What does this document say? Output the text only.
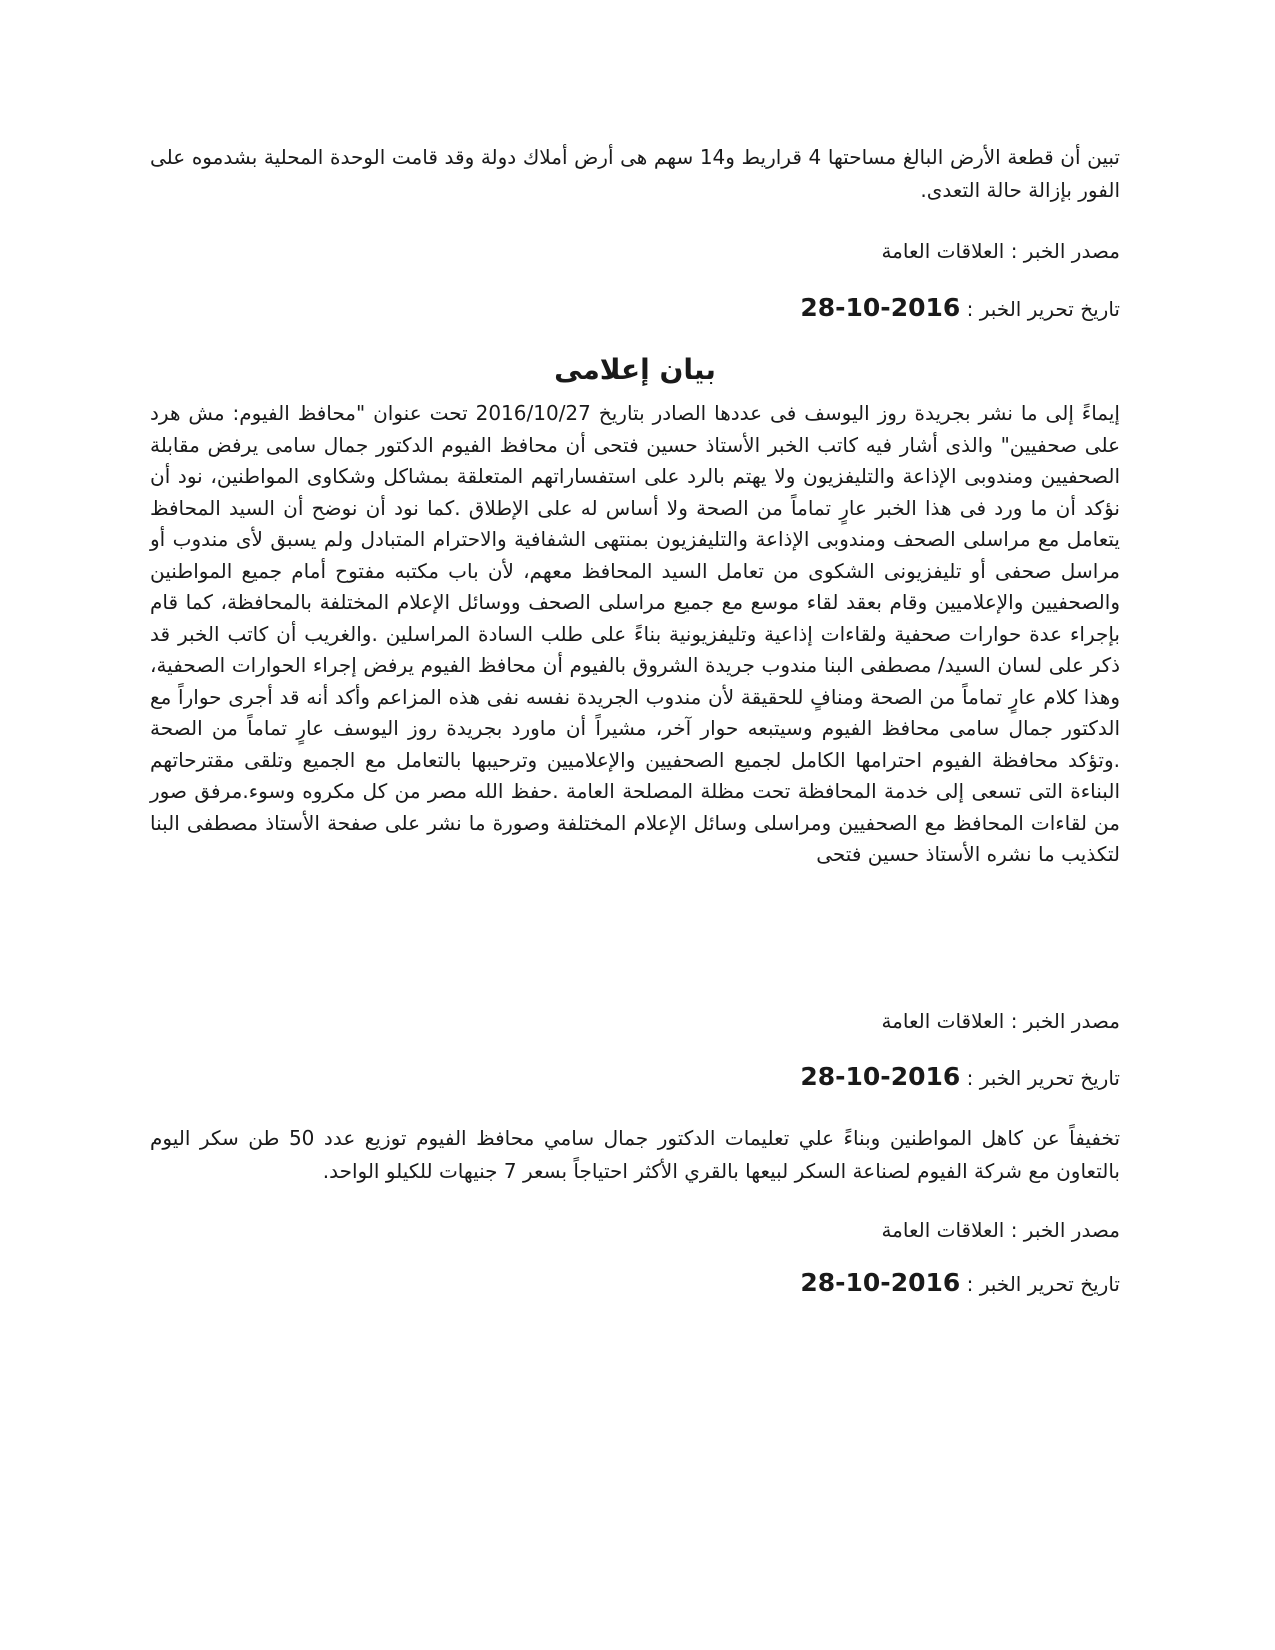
تبين أن قطعة الأرض البالغ مساحتها 4 قراريط و14 سهم هى أرض أملاك دولة وقد قامت الوحدة المحلية بشدموه على الفور بإزالة حالة التعدى.
مصدر الخبر : العلاقات العامة
تاريخ تحرير الخبر : 2016-10-28
بيان إعلامى
إيماءً إلى ما نشر بجريدة روز اليوسف فى عددها الصادر بتاريخ 2016/10/27 تحت عنوان "محافظ الفيوم: مش هرد على صحفيين" والذى أشار فيه كاتب الخبر الأستاذ حسين فتحى أن محافظ الفيوم الدكتور جمال سامى يرفض مقابلة الصحفيين ومندوبى الإذاعة والتليفزيون ولا يهتم بالرد على استفساراتهم المتعلقة بمشاكل وشكاوى المواطنين، نود أن نؤكد أن ما ورد فى هذا الخبر عارٍ تماماً من الصحة ولا أساس له على الإطلاق .كما نود أن نوضح أن السيد المحافظ يتعامل مع مراسلى الصحف ومندوبى الإذاعة والتليفزيون بمنتهى الشفافية والاحترام المتبادل ولم يسبق لأى مندوب أو مراسل صحفى أو تليفزيونى الشكوى من تعامل السيد المحافظ معهم، لأن باب مكتبه مفتوح أمام جميع المواطنين والصحفيين والإعلاميين وقام بعقد لقاء موسع مع جميع مراسلى الصحف ووسائل الإعلام المختلفة بالمحافظة، كما قام بإجراء عدة حوارات صحفية ولقاءات إذاعية وتليفزيونية بناءً على طلب السادة المراسلين .والغريب أن كاتب الخبر قد ذكر على لسان السيد/ مصطفى البنا مندوب جريدة الشروق بالفيوم أن محافظ الفيوم يرفض إجراء الحوارات الصحفية، وهذا كلام عارٍ تماماً من الصحة ومنافٍ للحقيقة لأن مندوب الجريدة نفسه نفى هذه المزاعم وأكد أنه قد أجرى حواراً مع الدكتور جمال سامى محافظ الفيوم وسيتبعه حوار آخر، مشيراً أن ماورد بجريدة روز اليوسف عارٍ تماماً من الصحة .وتؤكد محافظة الفيوم احترامها الكامل لجميع الصحفيين والإعلاميين وترحيبها بالتعامل مع الجميع وتلقى مقترحاتهم البناءة التى تسعى إلى خدمة المحافظة تحت مظلة المصلحة العامة .حفظ الله مصر من كل مكروه وسوء.مرفق صور من لقاءات المحافظ مع الصحفيين ومراسلى وسائل الإعلام المختلفة وصورة ما نشر على صفحة الأستاذ مصطفى البنا لتكذيب ما نشره الأستاذ حسين فتحى
مصدر الخبر : العلاقات العامة
تاريخ تحرير الخبر : 2016-10-28
تخفيفاً عن كاهل المواطنين وبناءً علي تعليمات الدكتور جمال سامي محافظ الفيوم توزيع عدد 50 طن سكر اليوم بالتعاون مع شركة الفيوم لصناعة السكر لبيعها بالقري الأكثر احتياجاً بسعر 7 جنيهات للكيلو الواحد.
مصدر الخبر : العلاقات العامة
تاريخ تحرير الخبر : 2016-10-28
